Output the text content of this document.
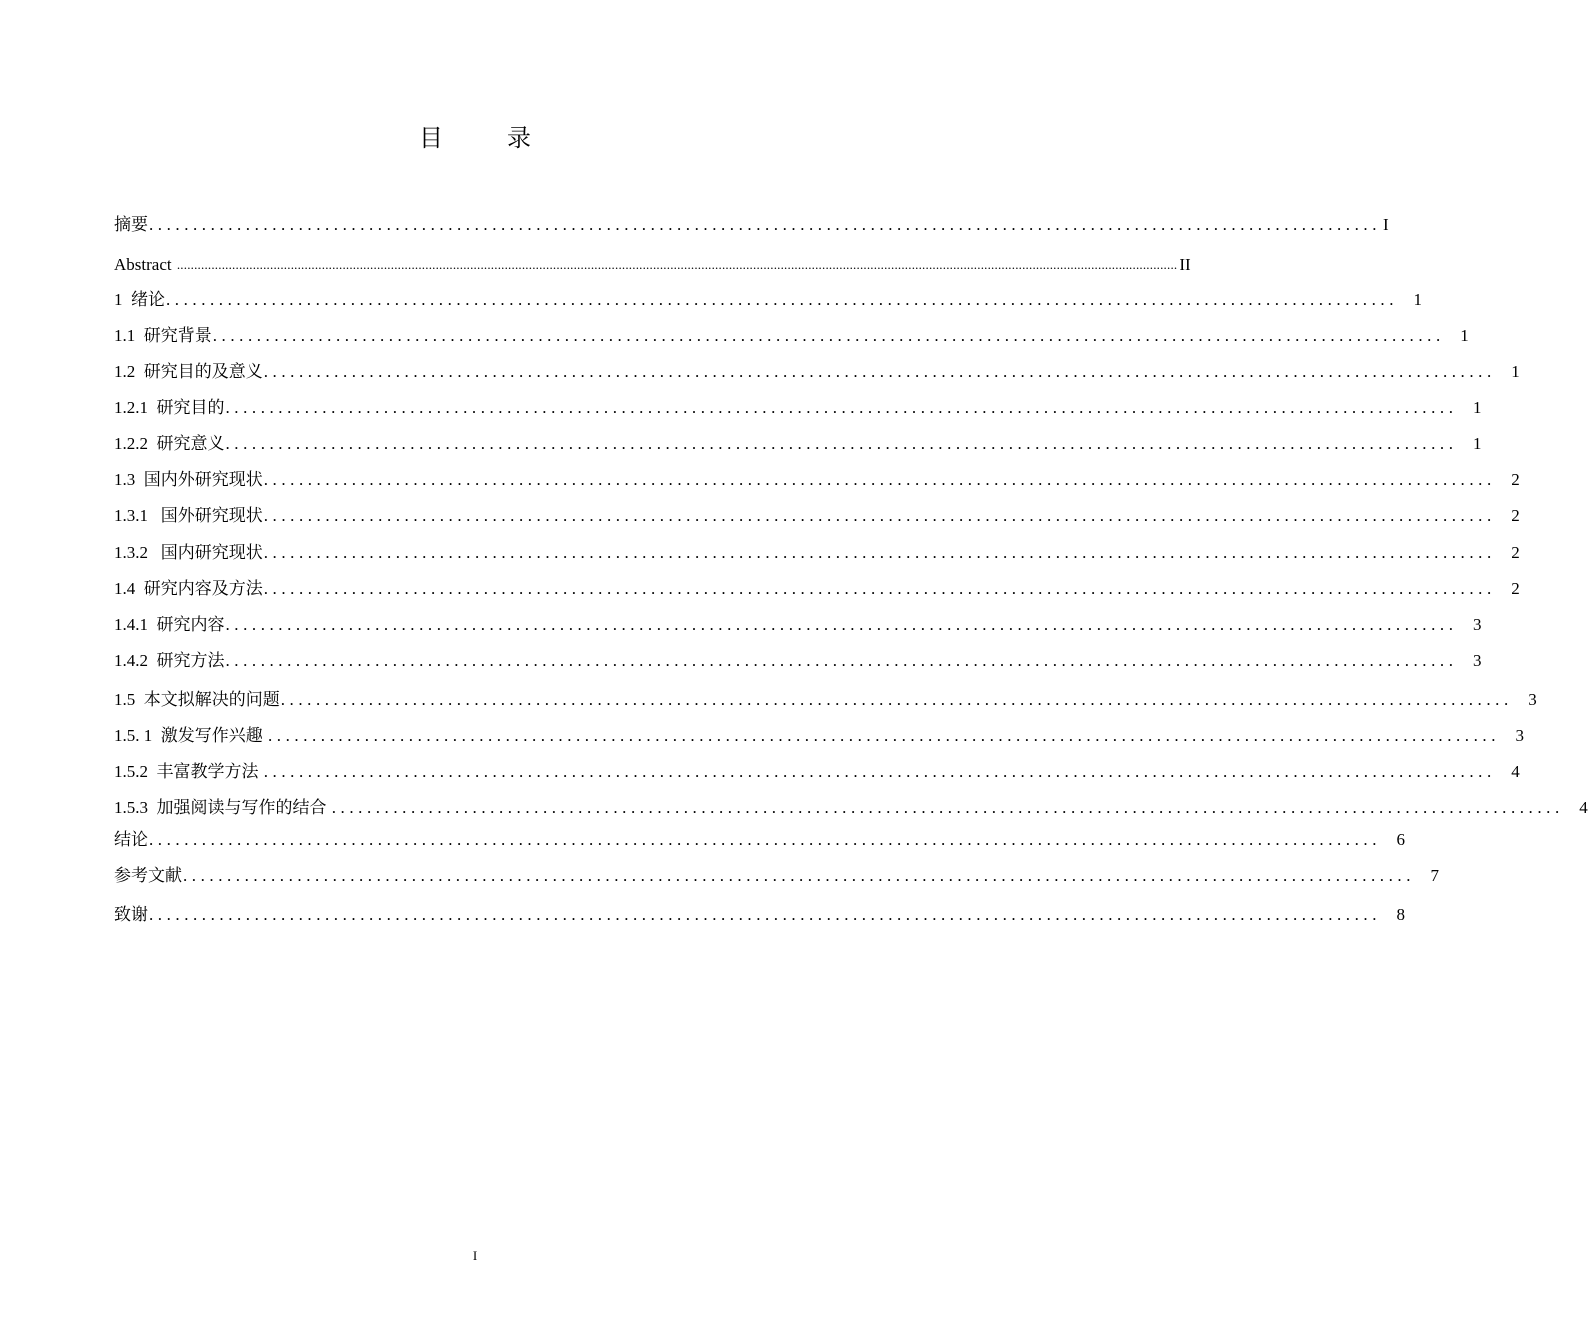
目　录
摘要 ............................................................................................................................................ I
Abstract .................................................................................................................................................................................................................................................................................................. II
1  绪论 ............................................................................................................................................ 1
1.1  研究背景 ............................................................................................................................................ 1
1.2  研究目的及意义 ............................................................................................................................................ 1
1.2.1  研究目的 ............................................................................................................................................ 1
1.2.2  研究意义 ............................................................................................................................................ 1
1.3  国内外研究现状 ............................................................................................................................................ 2
1.3.1   国外研究现状 ............................................................................................................................................ 2
1.3.2   国内研究现状 ............................................................................................................................................ 2
1.4  研究内容及方法 ............................................................................................................................................ 2
1.4.1  研究内容 ............................................................................................................................................ 3
1.4.2  研究方法 ............................................................................................................................................ 3
1.5  本文拟解决的问题 ............................................................................................................................................ 3
1.5. 1  激发写作兴趣 ............................................................................................................................................ 3
1.5.2  丰富教学方法 ............................................................................................................................................ 4
1.5.3  加强阅读与写作的结合 ............................................................................................................................................ 4
结论 ............................................................................................................................................ 6
参考文献 ............................................................................................................................................ 7
致谢 ............................................................................................................................................ 8
I
